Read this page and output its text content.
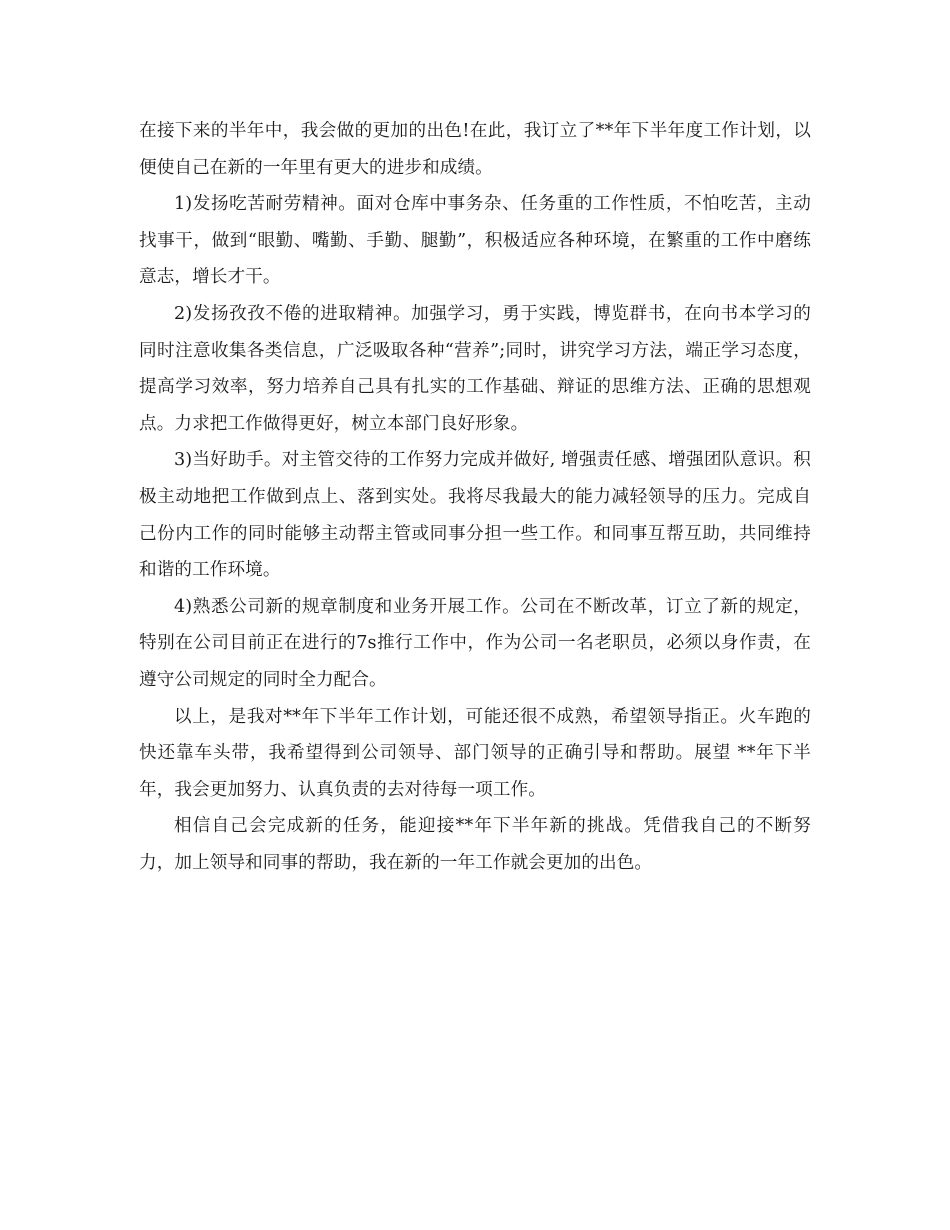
在接下来的半年中，我会做的更加的出色!在此，我订立了**年下半年度工作计划，以便使自己在新的一年里有更大的进步和成绩。

1)发扬吃苦耐劳精神。面对仓库中事务杂、任务重的工作性质，不怕吃苦，主动找事干，做到“眼勤、嘴勤、手勤、腿勤”，积极适应各种环境，在繁重的工作中磨练意志，增长才干。

2)发扬孜孜不倦的进取精神。加强学习，勇于实践，博览群书，在向书本学习的同时注意收集各类信息，广泛吸取各种“营养”;同时，讲究学习方法，端正学习态度，提高学习效率，努力培养自己具有扎实的工作基础、辩证的思维方法、正确的思想观点。力求把工作做得更好，树立本部门良好形象。

3)当好助手。对主管交待的工作努力完成并做好, 增强责任感、增强团队意识。积极主动地把工作做到点上、落到实处。我将尽我最大的能力减轻领导的压力。完成自己份内工作的同时能够主动帮主管或同事分担一些工作。和同事互帮互助，共同维持和谐的工作环境。

4)熟悉公司新的规章制度和业务开展工作。公司在不断改革，订立了新的规定，特别在公司目前正在进行的7s推行工作中，作为公司一名老职员，必须以身作责，在遵守公司规定的同时全力配合。

以上，是我对**年下半年工作计划，可能还很不成熟，希望领导指正。火车跑的快还靠车头带，我希望得到公司领导、部门领导的正确引导和帮助。展望 **年下半年，我会更加努力、认真负责的去对待每一项工作。

相信自己会完成新的任务，能迎接**年下半年新的挑战。凭借我自己的不断努力，加上领导和同事的帮助，我在新的一年工作就会更加的出色。
